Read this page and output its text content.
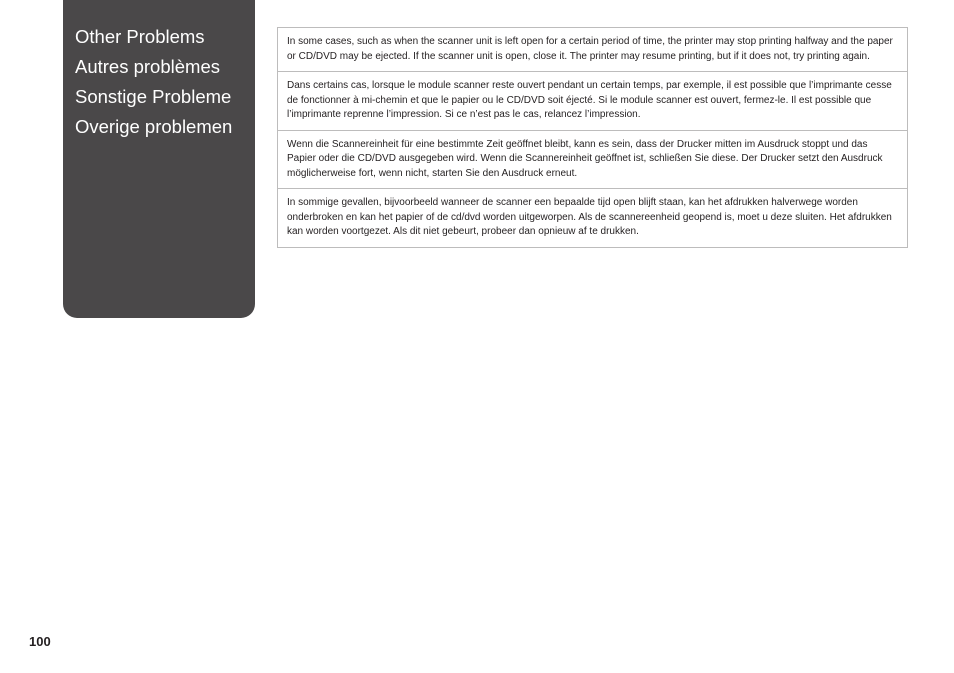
Other Problems
Autres problèmes
Sonstige Probleme
Overige problemen
In some cases, such as when the scanner unit is left open for a certain period of time, the printer may stop printing halfway and the paper or CD/DVD may be ejected. If the scanner unit is open, close it. The printer may resume printing, but if it does not, try printing again.
Dans certains cas, lorsque le module scanner reste ouvert pendant un certain temps, par exemple, il est possible que l’imprimante cesse de fonctionner à mi-chemin et que le papier ou le CD/DVD soit éjecté. Si le module scanner est ouvert, fermez-le. Il est possible que l’imprimante reprenne l’impression. Si ce n’est pas le cas, relancez l’impression.
Wenn die Scannereinheit für eine bestimmte Zeit geöffnet bleibt, kann es sein, dass der Drucker mitten im Ausdruck stoppt und das Papier oder die CD/DVD ausgegeben wird. Wenn die Scannereinheit geöffnet ist, schließen Sie diese. Der Drucker setzt den Ausdruck möglicherweise fort, wenn nicht, starten Sie den Ausdruck erneut.
In sommige gevallen, bijvoorbeeld wanneer de scanner een bepaalde tijd open blijft staan, kan het afdrukken halverwege worden onderbroken en kan het papier of de cd/dvd worden uitgeworpen. Als de scannereenheid geopend is, moet u deze sluiten. Het afdrukken kan worden voortgezet. Als dit niet gebeurt, probeer dan opnieuw af te drukken.
100
